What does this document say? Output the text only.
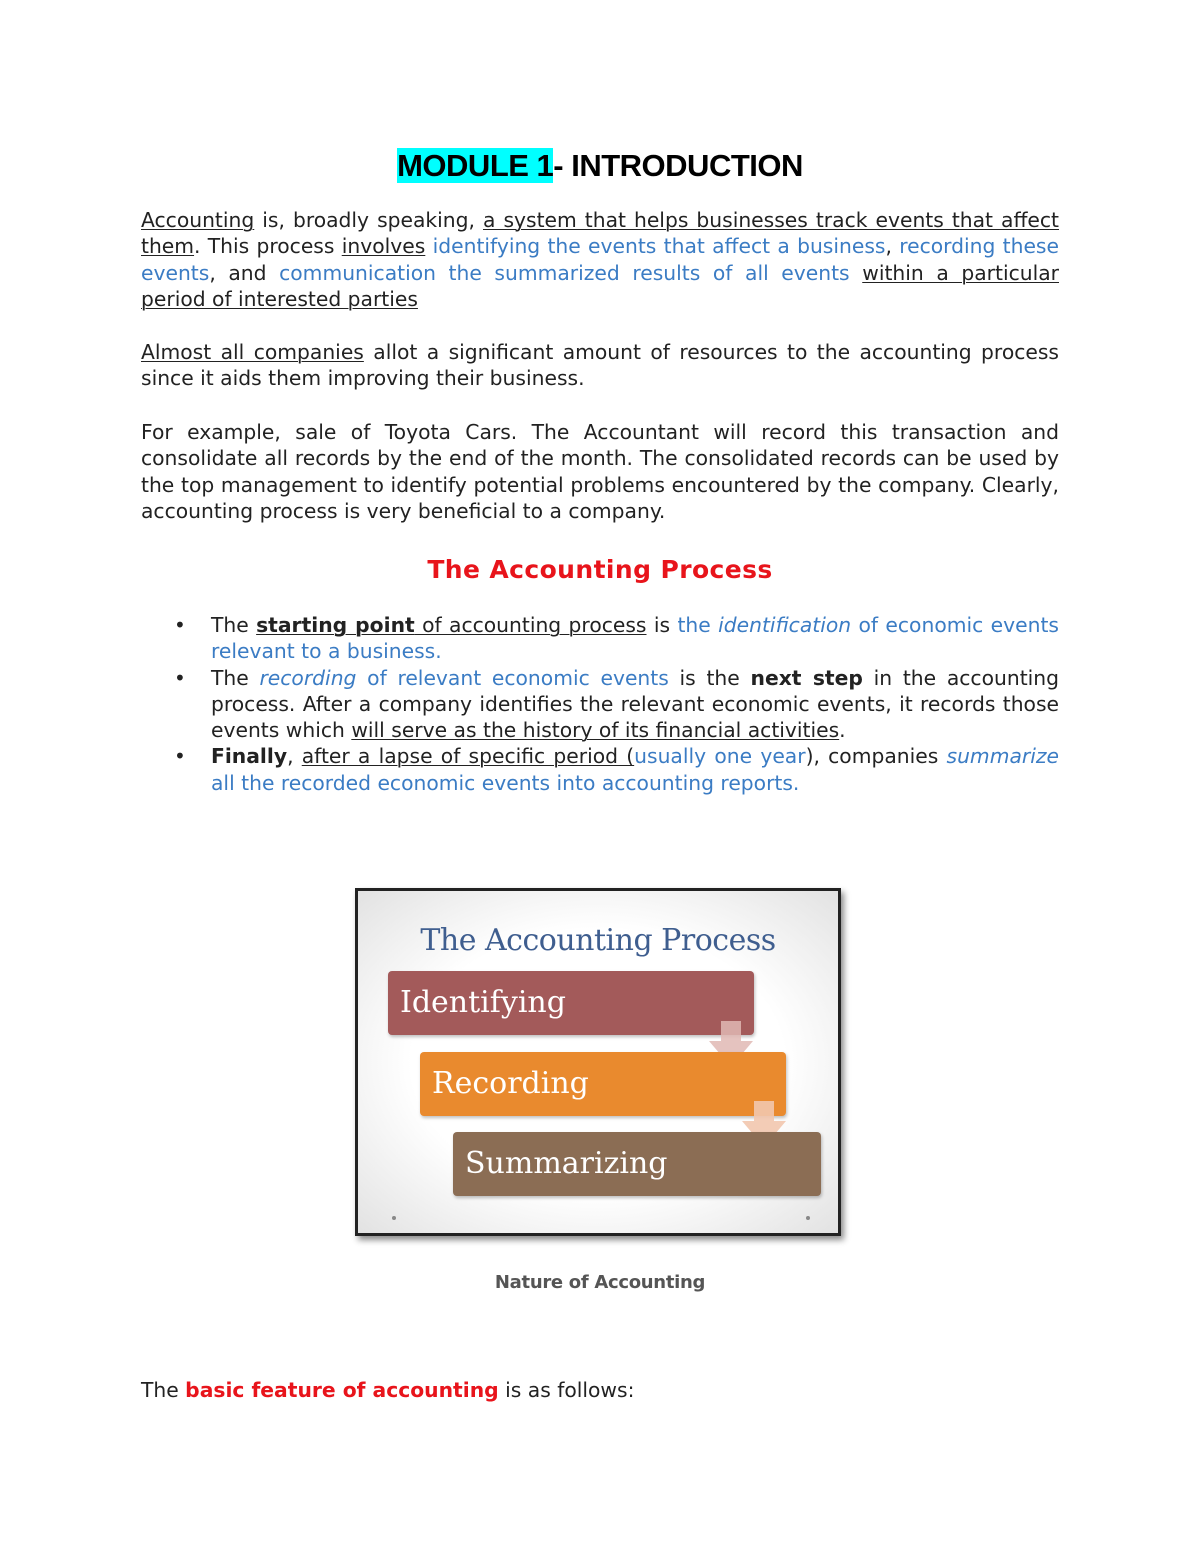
MODULE 1- INTRODUCTION

Accounting is, broadly speaking, a system that helps businesses track events that affect them. This process involves identifying the events that affect a business, recording these events, and communication the summarized results of all events within a particular period of interested parties

Almost all companies allot a significant amount of resources to the accounting process since it aids them improving their business.

For example, sale of Toyota Cars. The Accountant will record this transaction and consolidate all records by the end of the month. The consolidated records can be used by the top management to identify potential problems encountered by the company. Clearly, accounting process is very beneficial to a company.

The Accounting Process
• The starting point of accounting process is the identification of economic events relevant to a business.
• The recording of relevant economic events is the next step in the accounting process. After a company identifies the relevant economic events, it records those events which will serve as the history of its financial activities.
• Finally, after a lapse of specific period (usually one year), companies summarize all the recorded economic events into accounting reports.
The Accounting Process
Identifying
Recording
Summarizing
Nature of Accounting

The basic feature of accounting is as follows:
